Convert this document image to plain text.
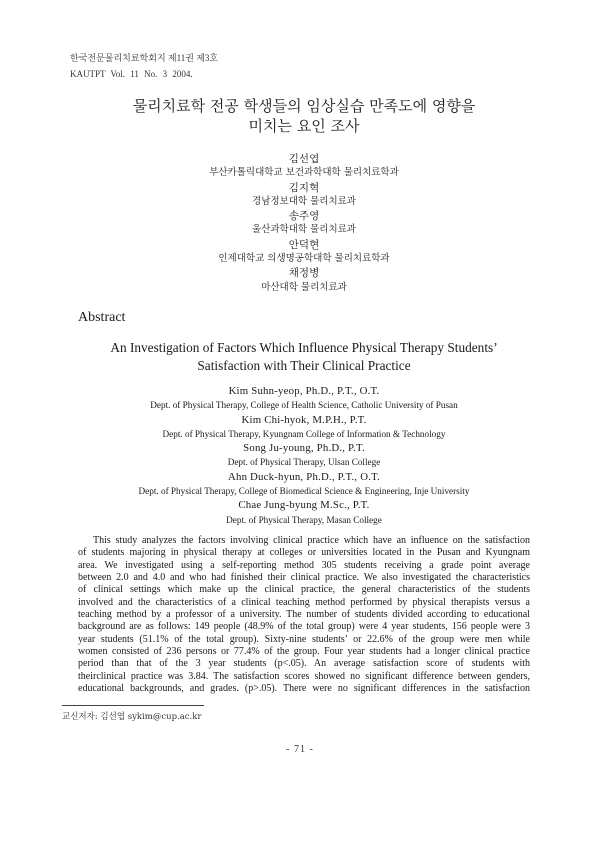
한국전문물리치료학회지 제11권 제3호
KAUTPT Vol. 11 No. 3 2004.
물리치료학 전공 학생들의 임상실습 만족도에 영향을
미치는 요인 조사
김선엽
부산카톨릭대학교 보건과학대학 물리치료학과
김지혁
경남정보대학 물리치료과
송주영
울산과학대학 물리치료과
안덕현
인제대학교 의생명공학대학 물리치료학과
채정병
마산대학 물리치료과
Abstract
An Investigation of Factors Which Influence Physical Therapy Students’
Satisfaction with Their Clinical Practice
Kim Suhn-yeop, Ph.D., P.T., O.T.
Dept. of Physical Therapy, College of Health Science, Catholic University of Pusan
Kim Chi-hyok, M.P.H., P.T.
Dept. of Physical Therapy, Kyungnam College of Information & Technology
Song Ju-young, Ph.D., P.T.
Dept. of Physical Therapy, Ulsan College
Ahn Duck-hyun, Ph.D., P.T., O.T.
Dept. of Physical Therapy, College of Biomedical Science & Engineering, Inje University
Chae Jung-byung M.Sc., P.T.
Dept. of Physical Therapy, Masan College
This study analyzes the factors involving clinical practice which have an influence on the satisfaction
of students majoring in physical therapy at colleges or universities located in the Pusan and Kyungnam
area. We investigated using a self-reporting method 305 students receiving a grade point average
between 2.0 and 4.0 and who had finished their clinical practice. We also investigated the characteristics
of clinical settings which make up the clinical practice, the general characteristics of the students
involved and the characteristics of a clinical teaching method performed by physical therapists versus a
teaching method by a professor of a university. The number of students divided according to educational
background are as follows: 149 people (48.9% of the total group) were 4 year students, 156 people were 3
year students (51.1% of the total group). Sixty-nine students’ or 22.6% of the group were men while
women consisted of 236 persons or 77.4% of the group. Four year students had a longer clinical practice
period than that of the 3 year students (p<.05). An average satisfaction score of students with
theirclinical practice was 3.84. The satisfaction scores showed no significant difference between genders,
educational backgrounds, and grades. (p>.05). There were no significant differences in the satisfaction
교신저자: 김선엽 sykim@cup.ac.kr
- 71 -
